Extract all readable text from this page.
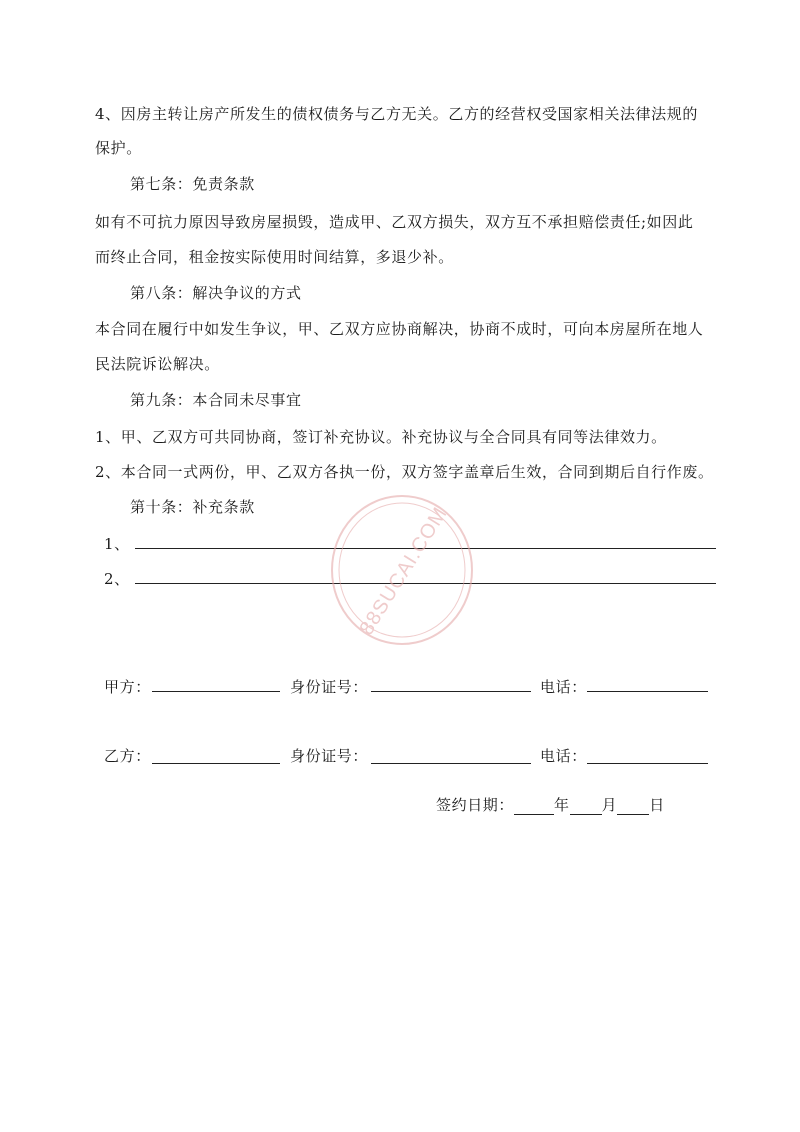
4、因房主转让房产所发生的债权债务与乙方无关。乙方的经营权受国家相关法律法规的
保护。
第七条：免责条款
如有不可抗力原因导致房屋损毁，造成甲、乙双方损失，双方互不承担赔偿责任;如因此
而终止合同，租金按实际使用时间结算，多退少补。
第八条：解决争议的方式
本合同在履行中如发生争议，甲、乙双方应协商解决，协商不成时，可向本房屋所在地人
民法院诉讼解决。
第九条：本合同未尽事宜
1、甲、乙双方可共同协商，签订补充协议。补充协议与全合同具有同等法律效力。
2、本合同一式两份，甲、乙双方各执一份，双方签字盖章后生效，合同到期后自行作废。
第十条：补充条款
1、
2、	88SUCAI.COM
甲方：	身份证号：	电话：
乙方：	身份证号：	电话：
签约日期：	年 月 日
